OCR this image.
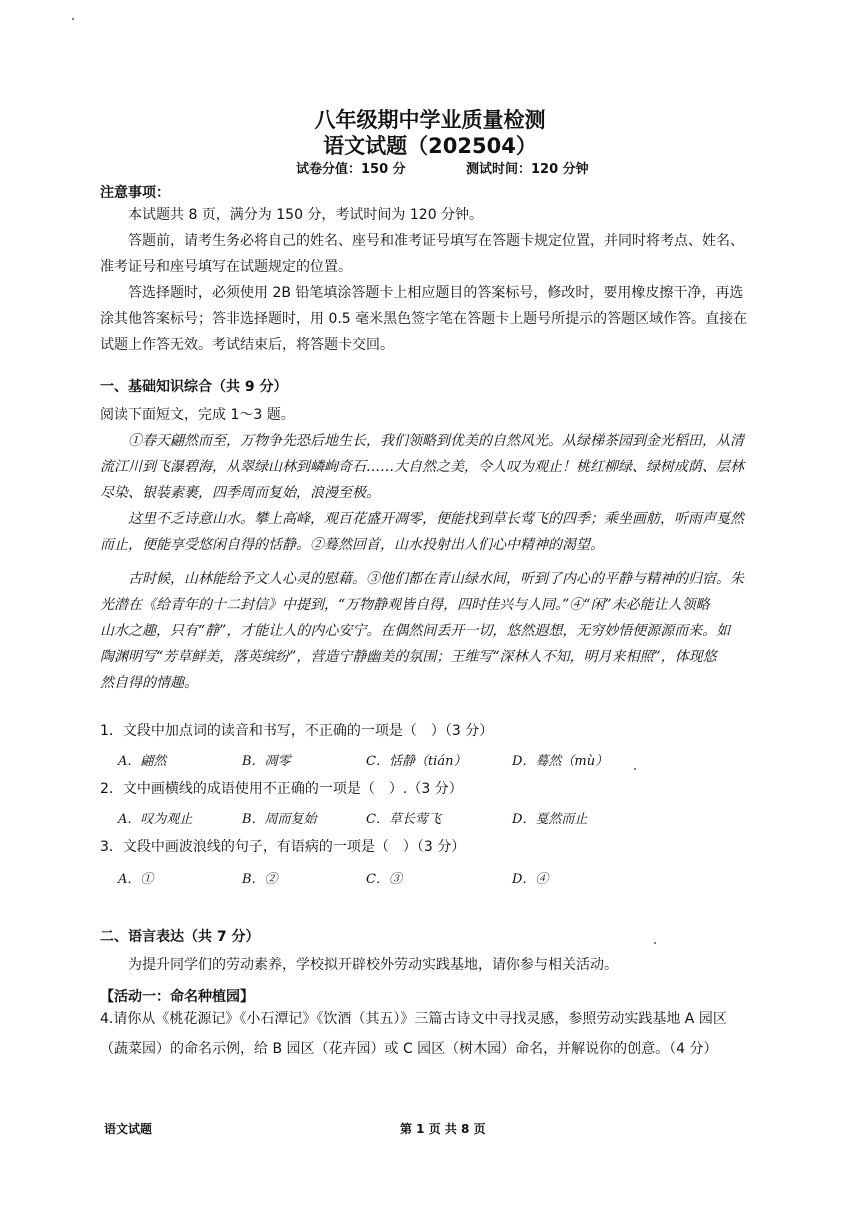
八年级期中学业质量检测
语文试题（202504）
试卷分值：150 分	测试时间：120 分钟
注意事项：
本试题共 8 页，满分为 150 分，考试时间为 120 分钟。
答题前，请考生务必将自己的姓名、座号和准考证号填写在答题卡规定位置，并同时将考点、姓名、
准考证号和座号填写在试题规定的位置。
答选择题时，必须使用 2B 铅笔填涂答题卡上相应题目的答案标号，修改时，要用橡皮擦干净，再选
涂其他答案标号；答非选择题时，用 0.5 毫米黑色签字笔在答题卡上题号所提示的答题区域作答。直接在
试题上作答无效。考试结束后，将答题卡交回。
一、基础知识综合（共 9 分）
阅读下面短文，完成 1～3 题。
①春天翩然而至，万物争先恐后地生长，我们领略到优美的自然风光。从绿梯茶园到金光稻田，从清
流江川到飞瀑碧海，从翠绿山林到嶙峋奇石……大自然之美，令人叹为观止！桃红柳绿、绿树成荫、层林
尽染、银装素裹，四季周而复始，浪漫至极。
这里不乏诗意山水。攀上高峰，观百花盛开凋零，便能找到草长莺飞的四季；乘坐画舫，听雨声戛然
而止，便能享受悠闲自得的恬静。②蓦然回首，山水投射出人们心中精神的渴望。
古时候，山林能给予文人心灵的慰藉。③他们都在青山绿水间，听到了内心的平静与精神的归宿。朱
光潜在《给青年的十二封信》中提到，“万物静观皆自得，四时佳兴与人同。”④“闲”未必能让人领略
山水之趣，只有“静”，才能让人的内心安宁。在偶然间丢开一切，悠然遐想，无穷妙悟便源源而来。如
陶渊明写“芳草鲜美，落英缤纷”，营造宁静幽美的氛围；王维写“深林人不知，明月来相照”，体现悠
然自得的情趣。
1．文段中加点词的读音和书写，不正确的一项是（　）（3 分）
A．翩然	B．凋零	C．恬静（tián）	D．蓦然（mù）
2．文中画横线的成语使用不正确的一项是（　）.（3 分）
A．叹为观止	B．周而复始	C．草长莺飞	D．戛然而止
3．文段中画波浪线的句子，有语病的一项是（　）（3 分）
A．①	B．②	C．③	D．④
二、语言表达（共 7 分）
为提升同学们的劳动素养，学校拟开辟校外劳动实践基地，请你参与相关活动。
【活动一：命名种植园】
4.请你从《桃花源记》《小石潭记》《饮酒（其五）》三篇古诗文中寻找灵感，参照劳动实践基地 A 园区
（蔬菜园）的命名示例，给 B 园区（花卉园）或 C 园区（树木园）命名，并解说你的创意。（4 分）
语文试题	第 1 页 共 8 页
